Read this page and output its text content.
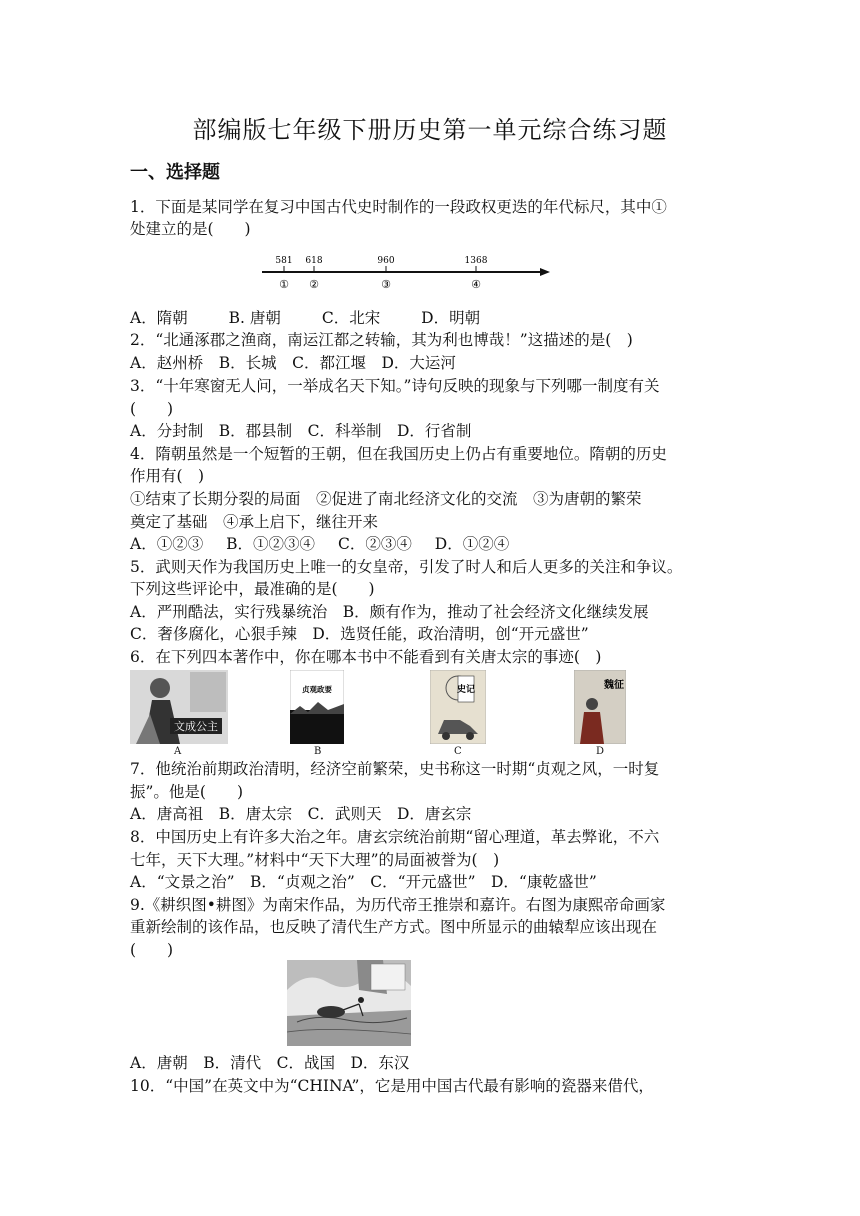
部编版七年级下册历史第一单元综合练习题
一、选择题
1．下面是某同学在复习中国古代史时制作的一段政权更迭的年代标尺，其中①
处建立的是(　　)
581 618	960	1368
① ②	③	④
A．隋朝	B. 唐朝	C．北宋	D．明朝
2．“北通涿郡之渔商，南运江都之转输，其为利也博哉！”这描述的是(　)
A．赵州桥　B．长城　C．都江堰　D．大运河
3．“十年寒窗无人问，一举成名天下知。”诗句反映的现象与下列哪一制度有关
(　　)
A．分封制　B．郡县制　C．科举制　D．行省制
4．隋朝虽然是一个短暂的王朝，但在我国历史上仍占有重要地位。隋朝的历史
作用有(　)
①结束了长期分裂的局面　②促进了南北经济文化的交流　③为唐朝的繁荣
奠定了基础　④承上启下，继往开来
A．①②③ B．①②③④ C．②③④ D．①②④
5．武则天作为我国历史上唯一的女皇帝，引发了时人和后人更多的关注和争议。
下列这些评论中，最准确的是(　　)
A．严刑酷法，实行残暴统治　B．颇有作为，推动了社会经济文化继续发展
C．奢侈腐化，心狠手辣　D．选贤任能，政治清明，创“开元盛世”
6．在下列四本著作中，你在哪本书中不能看到有关唐太宗的事迹(　)
文成公主
A
贞观政要
B
史记
C
魏征
D
7．他统治前期政治清明，经济空前繁荣，史书称这一时期“贞观之风，一时复
振”。他是(　　)
A．唐高祖　B．唐太宗　C．武则天　D．唐玄宗
8．中国历史上有许多大治之年。唐玄宗统治前期“留心理道，革去弊讹，不六
七年，天下大理。”材料中“天下大理”的局面被誉为(　)
A．“文景之治”　B．“贞观之治”　C．“开元盛世”　D．“康乾盛世”
9.《耕织图•耕图》为南宋作品，为历代帝王推崇和嘉许。右图为康熙帝命画家
重新绘制的该作品，也反映了清代生产方式。图中所显示的曲辕犁应该出现在
(　　)
A．唐朝　B．清代　C．战国　D．东汉
10．“中国”在英文中为“CHINA”，它是用中国古代最有影响的瓷器来借代，
